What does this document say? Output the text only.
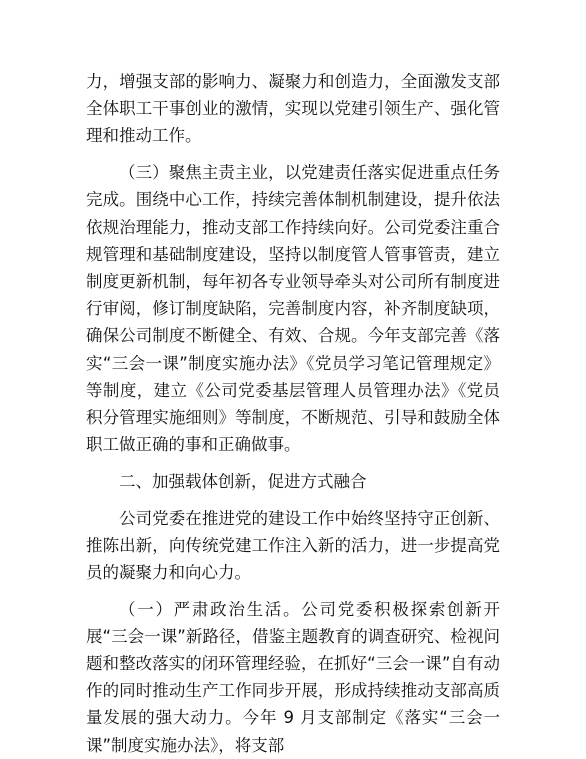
力，增强支部的影响力、凝聚力和创造力，全面激发支部全体职工干事创业的激情，实现以党建引领生产、强化管理和推动工作。

（三）聚焦主责主业，以党建责任落实促进重点任务完成。围绕中心工作，持续完善体制机制建设，提升依法依规治理能力，推动支部工作持续向好。公司党委注重合规管理和基础制度建设，坚持以制度管人管事管责，建立制度更新机制，每年初各专业领导牵头对公司所有制度进行审阅，修订制度缺陷，完善制度内容，补齐制度缺项，确保公司制度不断健全、有效、合规。今年支部完善《落实“三会一课”制度实施办法》《党员学习笔记管理规定》等制度，建立《公司党委基层管理人员管理办法》《党员积分管理实施细则》等制度，不断规范、引导和鼓励全体职工做正确的事和正确做事。

二、加强载体创新，促进方式融合

公司党委在推进党的建设工作中始终坚持守正创新、推陈出新，向传统党建工作注入新的活力，进一步提高党员的凝聚力和向心力。

（一）严肃政治生活。公司党委积极探索创新开展“三会一课”新路径，借鉴主题教育的调查研究、检视问题和整改落实的闭环管理经验，在抓好“三会一课”自有动作的同时推动生产工作同步开展，形成持续推动支部高质量发展的强大动力。今年 9 月支部制定《落实“三会一课”制度实施办法》，将支部
